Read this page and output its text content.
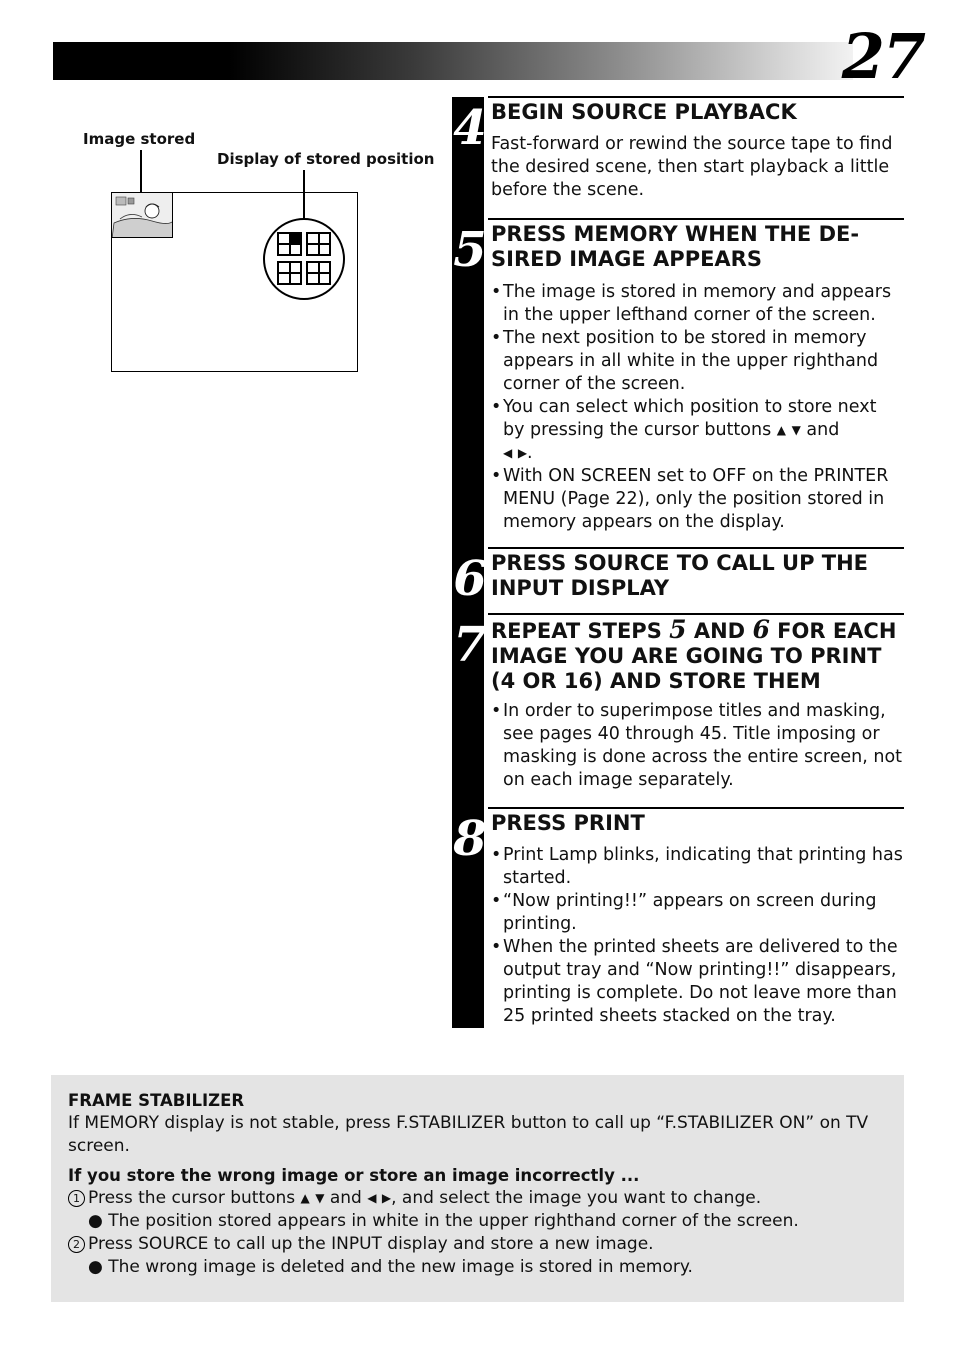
27
Image stored
Display of stored position
4 BEGIN SOURCE PLAYBACK
Fast-forward or rewind the source tape to find the desired scene, then start playback a little before the scene.
5 PRESS MEMORY WHEN THE DE-SIRED IMAGE APPEARS
• The image is stored in memory and appears in the upper lefthand corner of the screen.
• The next position to be stored in memory appears in all white in the upper righthand corner of the screen.
• You can select which position to store next by pressing the cursor buttons ▲ ▼ and
◀ ▶.
• With ON SCREEN set to OFF on the PRINTER MENU (Page 22), only the position stored in memory appears on the display.
6 PRESS SOURCE TO CALL UP THE INPUT DISPLAY
7 REPEAT STEPS 5 AND 6 FOR EACH IMAGE YOU ARE GOING TO PRINT (4 OR 16) AND STORE THEM
• In order to superimpose titles and masking, see pages 40 through 45. Title imposing or masking is done across the entire screen, not on each image separately.
8 PRESS PRINT
• Print Lamp blinks, indicating that printing has started.
• “Now printing!!” appears on screen during printing.
• When the printed sheets are delivered to the output tray and “Now printing!!” disappears, printing is complete. Do not leave more than 25 printed sheets stacked on the tray.
FRAME STABILIZER
If MEMORY display is not stable, press F.STABILIZER button to call up “F.STABILIZER ON” on TV screen.
If you store the wrong image or store an image incorrectly ...
1 Press the cursor buttons ▲ ▼ and ◀ ▶, and select the image you want to change.
● The position stored appears in white in the upper righthand corner of the screen.
2 Press SOURCE to call up the INPUT display and store a new image.
● The wrong image is deleted and the new image is stored in memory.
